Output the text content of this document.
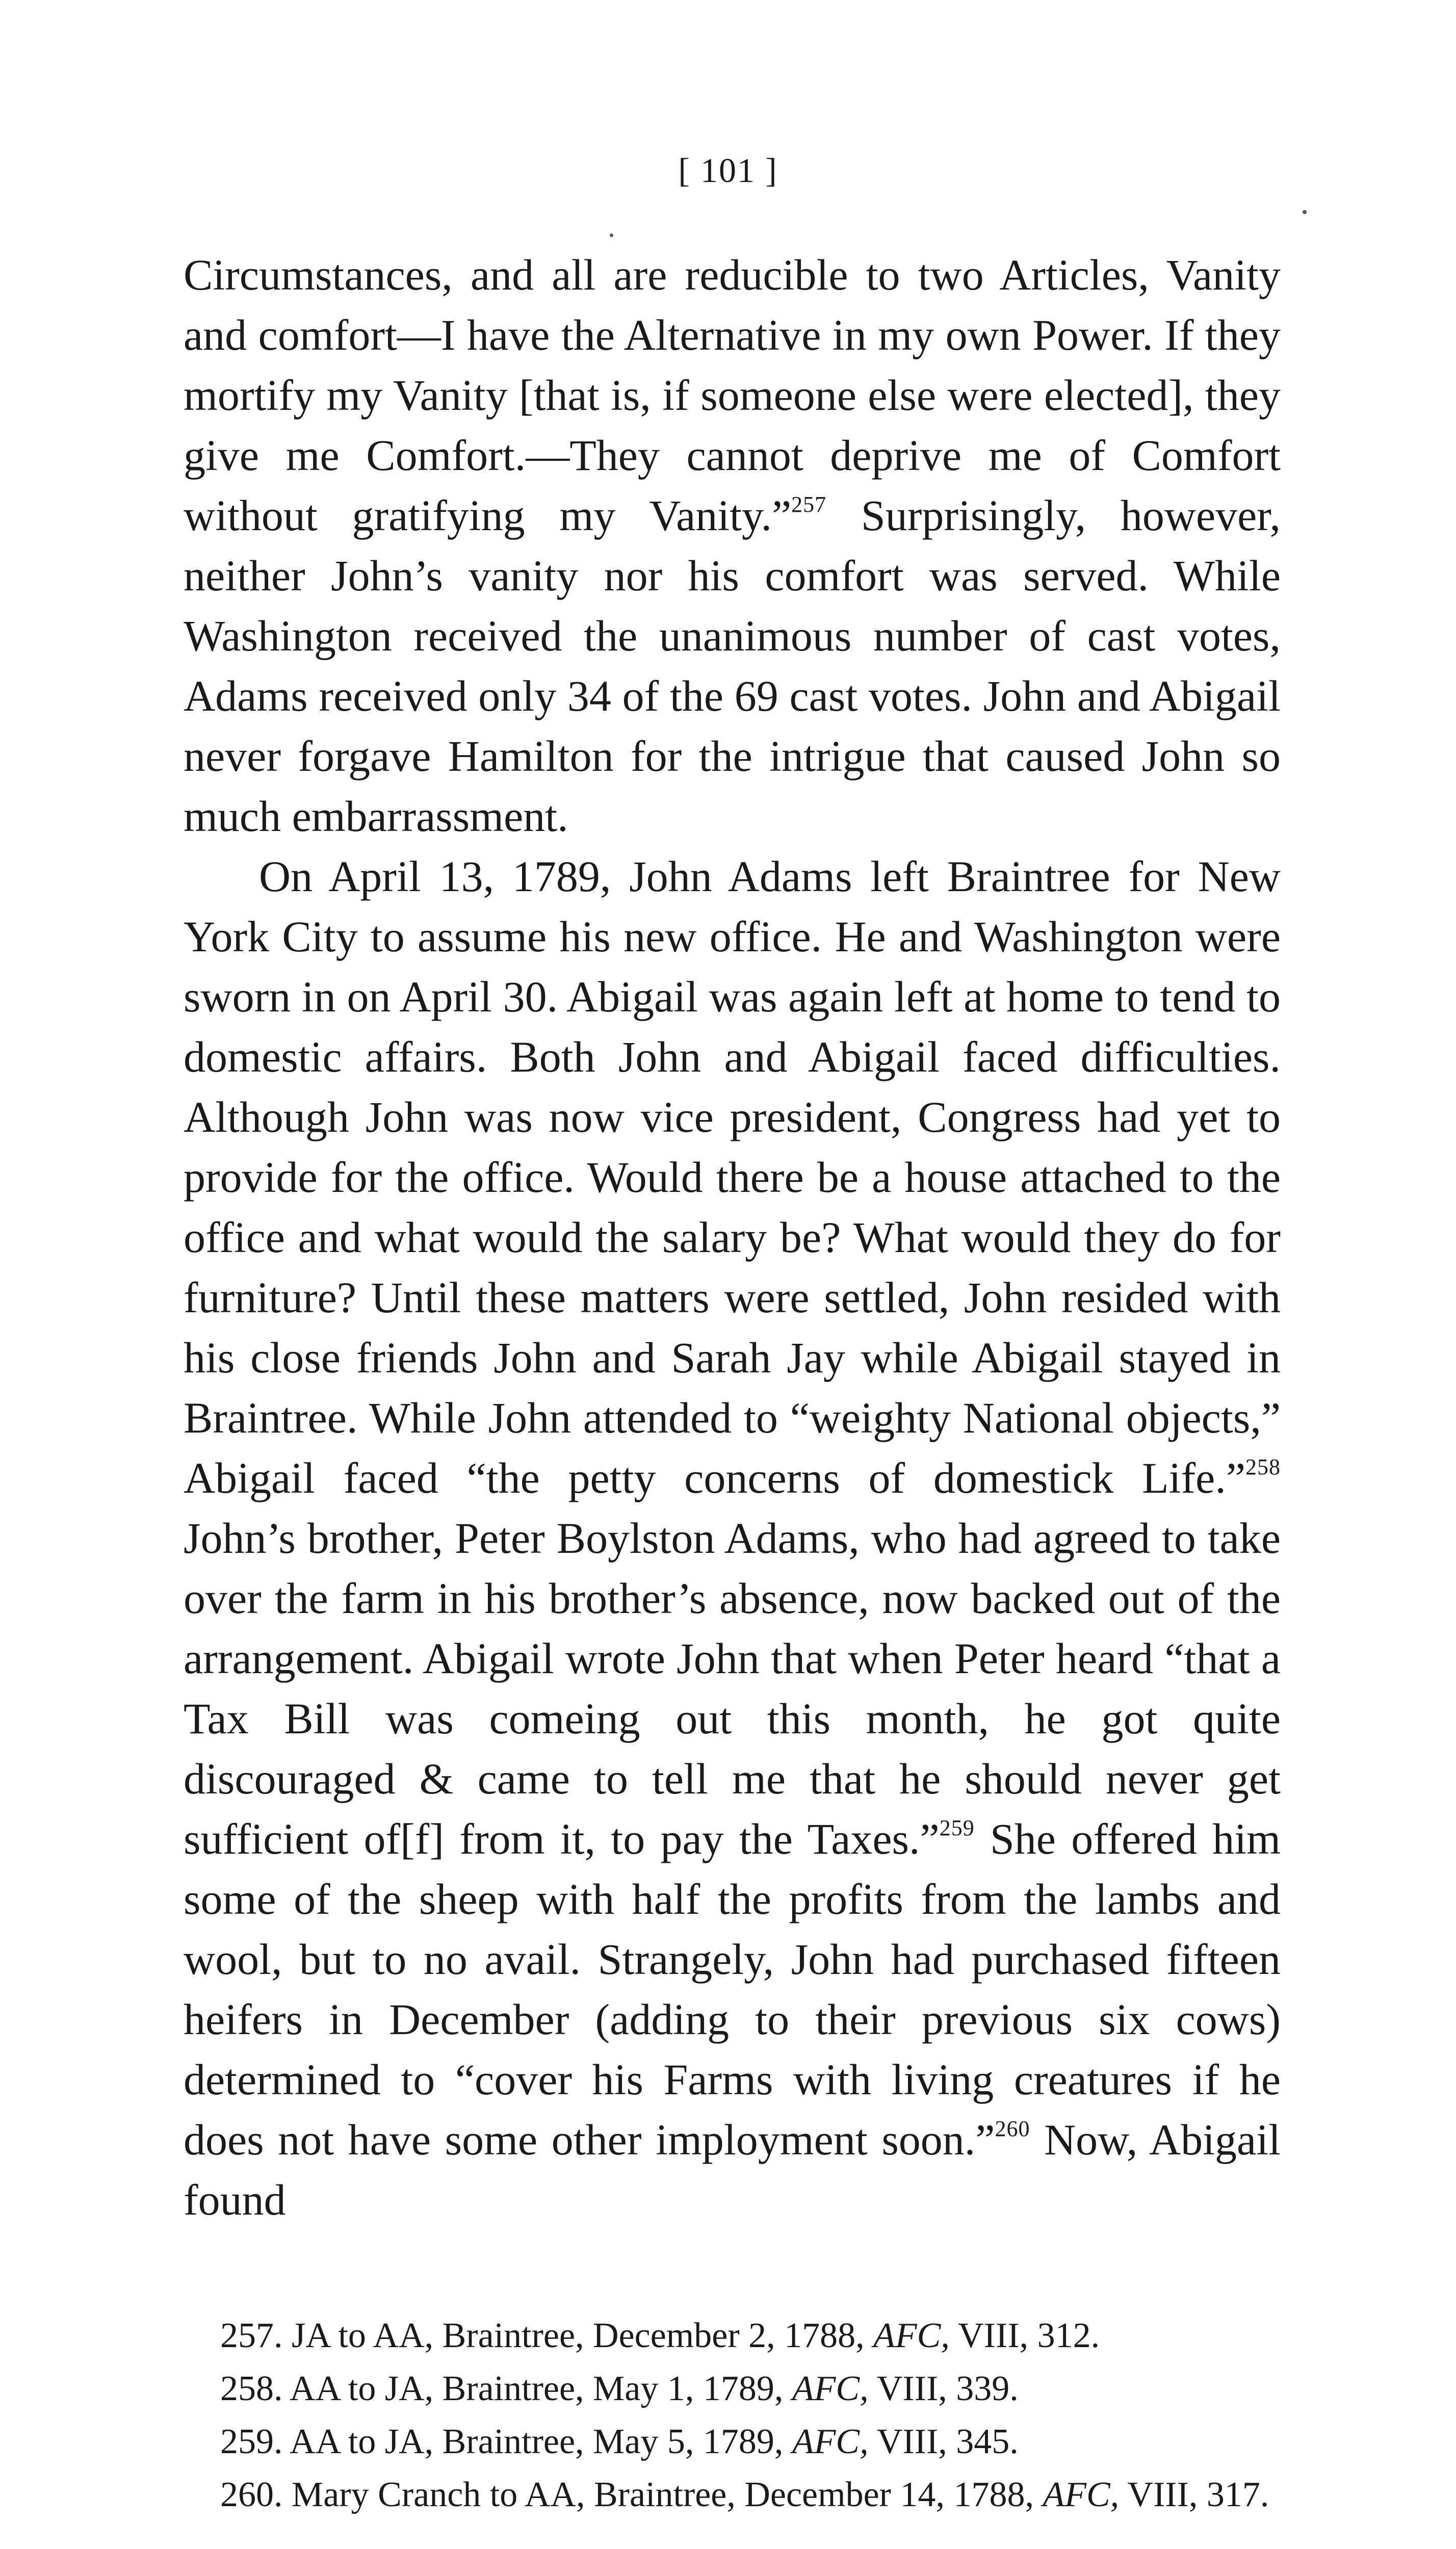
[ 101 ]

Circumstances, and all are reducible to two Articles, Vanity and comfort—I have the Alternative in my own Power. If they mortify my Vanity [that is, if someone else were elected], they give me Comfort.—They cannot deprive me of Comfort without gratifying my Vanity.”$^{257}$ Surprisingly, however, neither John’s vanity nor his comfort was served. While Washington received the unanimous number of cast votes, Adams received only 34 of the 69 cast votes. John and Abigail never forgave Hamilton for the intrigue that caused John so much embarrassment.

On April 13, 1789, John Adams left Braintree for New York City to assume his new office. He and Washington were sworn in on April 30. Abigail was again left at home to tend to domestic affairs. Both John and Abigail faced difficulties. Although John was now vice president, Congress had yet to provide for the office. Would there be a house attached to the office and what would the salary be? What would they do for furniture? Until these matters were settled, John resided with his close friends John and Sarah Jay while Abigail stayed in Braintree. While John attended to “weighty National objects,” Abigail faced “the petty concerns of domestick Life.”$^{258}$ John’s brother, Peter Boylston Adams, who had agreed to take over the farm in his brother’s absence, now backed out of the arrangement. Abigail wrote John that when Peter heard “that a Tax Bill was comeing out this month, he got quite discouraged & came to tell me that he should never get sufficient of[f] from it, to pay the Taxes.”$^{259}$ She offered him some of the sheep with half the profits from the lambs and wool, but to no avail. Strangely, John had purchased fifteen heifers in December (adding to their previous six cows) determined to “cover his Farms with living creatures if he does not have some other imployment soon.”$^{260}$ Now, Abigail found

257. JA to AA, Braintree, December 2, 1788, AFC, VIII, 312.

258. AA to JA, Braintree, May 1, 1789, AFC, VIII, 339.

259. AA to JA, Braintree, May 5, 1789, AFC, VIII, 345.

260. Mary Cranch to AA, Braintree, December 14, 1788, AFC, VIII, 317.
